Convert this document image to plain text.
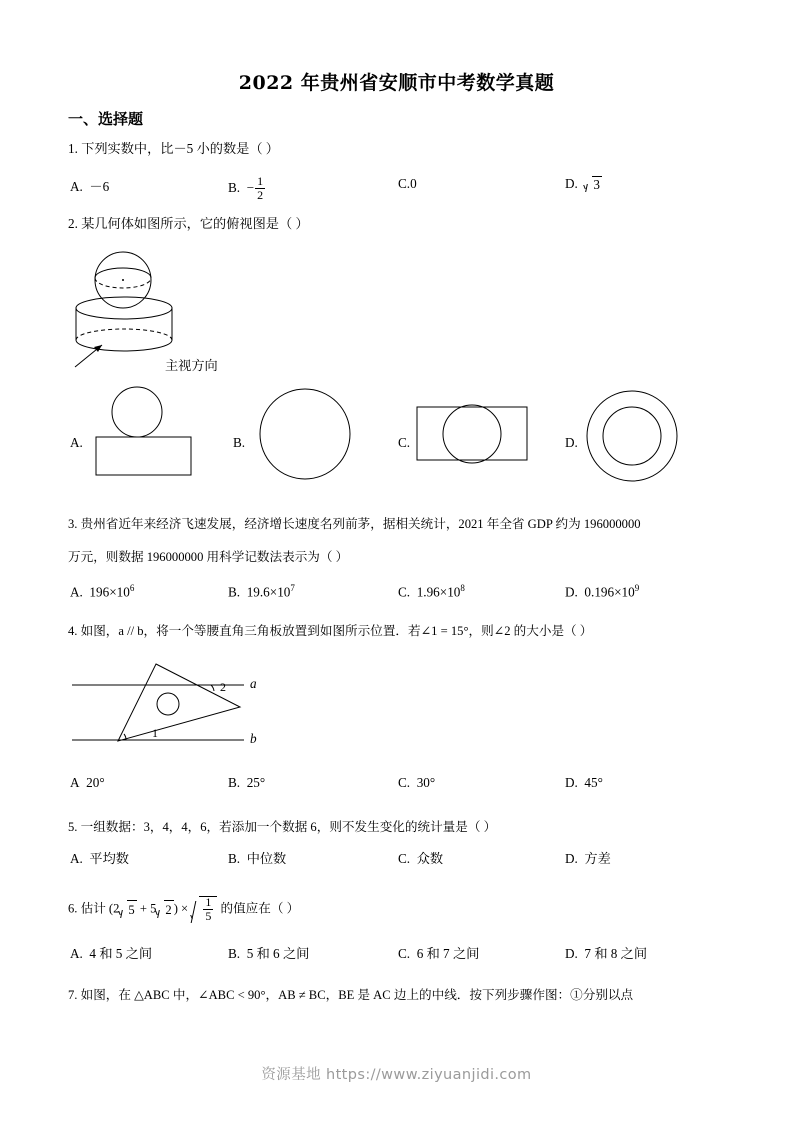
2022 年贵州省安顺市中考数学真题
一、选择题
1. 下列实数中，比－5 小的数是（ ）
A. －6	B. − $\frac{1}{2}$	C.0	D. 3
2. 某几何体如图所示，它的俯视图是（ ）
主视方向
A.	B.	C.	D.
3. 贵州省近年来经济飞速发展，经济增长速度名列前茅，据相关统计，2021 年全省 GDP 约为 196000000
万元，则数据 196000000 用科学记数法表示为（ ）
A. $196\times 10^6$	B. $19.6\times 10^7$	C. $1.96\times 10^8$	D. $0.196\times 10^9$
4. 如图，a // b，将一个等腰直角三角板放置到如图所示位置．若∠1 = 15°，则∠2 的大小是（ ）
a
b
1
2
A 20°	B. 25°	C. 30°	D. 45°
5. 一组数据：3，4，4，6，若添加一个数据 6，则不发生变化的统计量是（ ）
A. 平均数	B. 中位数	C. 众数	D. 方差
6. 估计 (2 5 + 5 2 ) × $\frac{1}{5}$ 的值应在（ ）
A. 4 和 5 之间	B. 5 和 6 之间	C. 6 和 7 之间	D. 7 和 8 之间
7. 如图，在 △ABC 中，∠ABC < 90°，AB ≠ BC，BE 是 AC 边上的中线．按下列步骤作图：①分别以点
资源基地 https://www.ziyuanjidi.com
